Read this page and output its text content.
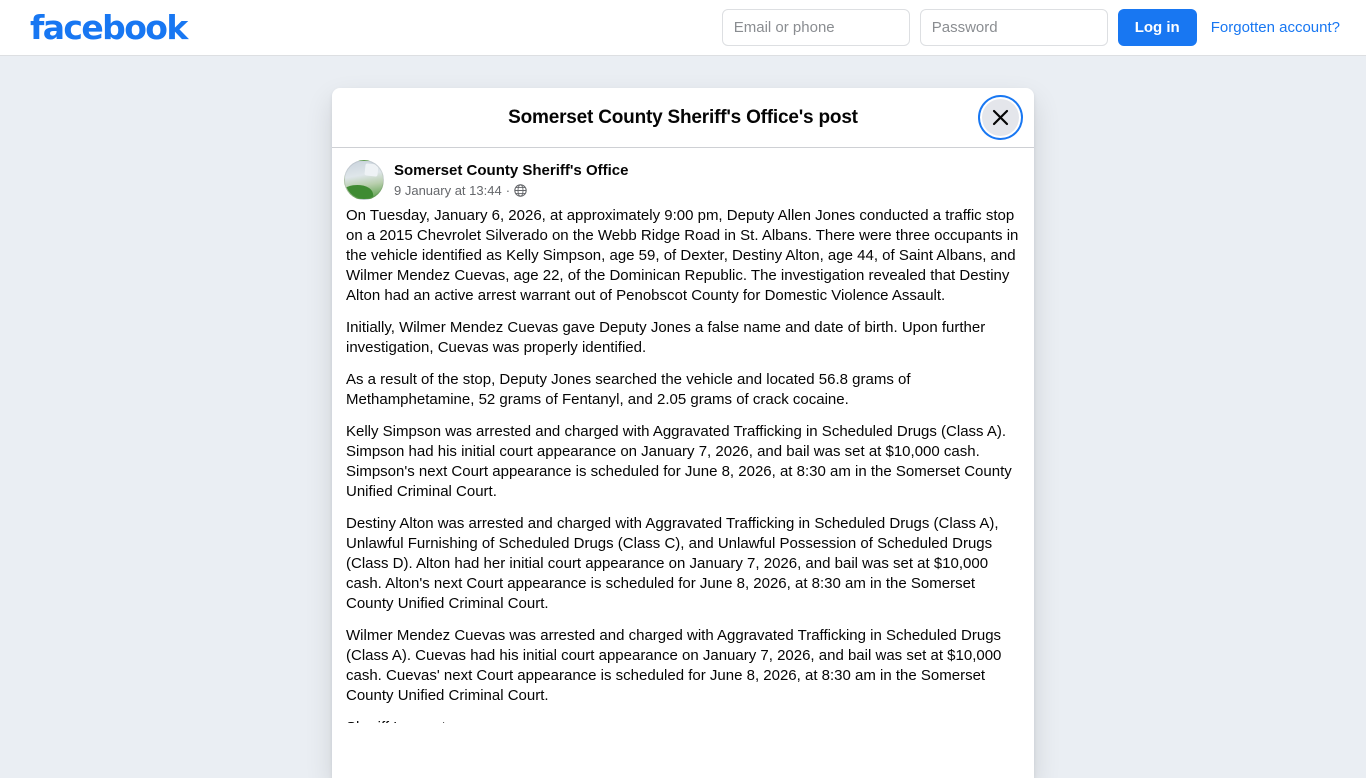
facebook
Email or phone	Log in	Forgotten account?
Somerset County Sheriff's Office's post
Somerset County Sheriff's Office
9 January at 13:44 ·

On Tuesday, January 6, 2026, at approximately 9:00 pm, Deputy Allen Jones conducted a traffic stop on a 2015 Chevrolet Silverado on the Webb Ridge Road in St. Albans. There were three occupants in the vehicle identified as Kelly Simpson, age 59, of Dexter, Destiny Alton, age 44, of Saint Albans, and Wilmer Mendez Cuevas, age 22, of the Dominican Republic. The investigation revealed that Destiny Alton had an active arrest warrant out of Penobscot County for Domestic Violence Assault.

Initially, Wilmer Mendez Cuevas gave Deputy Jones a false name and date of birth. Upon further investigation, Cuevas was properly identified.

As a result of the stop, Deputy Jones searched the vehicle and located 56.8 grams of Methamphetamine, 52 grams of Fentanyl, and 2.05 grams of crack cocaine.

Kelly Simpson was arrested and charged with Aggravated Trafficking in Scheduled Drugs (Class A). Simpson had his initial court appearance on January 7, 2026, and bail was set at $10,000 cash. Simpson's next Court appearance is scheduled for June 8, 2026, at 8:30 am in the Somerset County Unified Criminal Court.

Destiny Alton was arrested and charged with Aggravated Trafficking in Scheduled Drugs (Class A), Unlawful Furnishing of Scheduled Drugs (Class C), and Unlawful Possession of Scheduled Drugs (Class D). Alton had her initial court appearance on January 7, 2026, and bail was set at $10,000 cash. Alton's next Court appearance is scheduled for June 8, 2026, at 8:30 am in the Somerset County Unified Criminal Court.

Wilmer Mendez Cuevas was arrested and charged with Aggravated Trafficking in Scheduled Drugs (Class A). Cuevas had his initial court appearance on January 7, 2026, and bail was set at $10,000 cash. Cuevas' next Court appearance is scheduled for June 8, 2026, at 8:30 am in the Somerset County Unified Criminal Court.
